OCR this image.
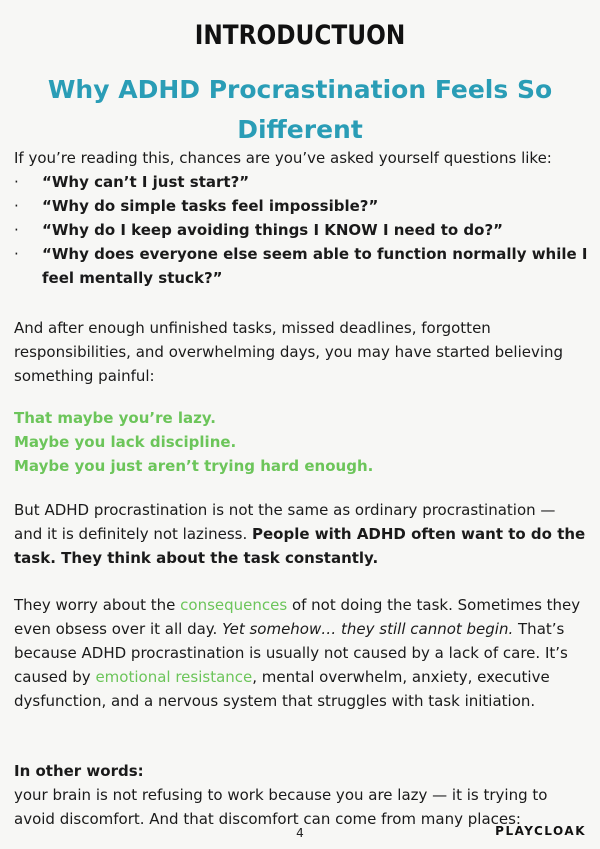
INTRODUCTUON
Why ADHD Procrastination Feels So Different
If you’re reading this, chances are you’ve asked yourself questions like:
· “Why can’t I just start?”
· “Why do simple tasks feel impossible?”
· “Why do I keep avoiding things I KNOW I need to do?”
· “Why does everyone else seem able to function normally while I feel mentally stuck?”
And after enough unfinished tasks, missed deadlines, forgotten responsibilities, and overwhelming days, you may have started believing something painful:
That maybe you’re lazy.
Maybe you lack discipline.
Maybe you just aren’t trying hard enough.
But ADHD procrastination is not the same as ordinary procrastination — and it is definitely not laziness. People with ADHD often want to do the task. They think about the task constantly.
They worry about the consequences of not doing the task. Sometimes they even obsess over it all day. Yet somehow… they still cannot begin. That’s because ADHD procrastination is usually not caused by a lack of care. It’s caused by emotional resistance, mental overwhelm, anxiety, executive dysfunction, and a nervous system that struggles with task initiation.
In other words:
your brain is not refusing to work because you are lazy — it is trying to avoid discomfort. And that discomfort can come from many places:
4	PLAYCLOAK
